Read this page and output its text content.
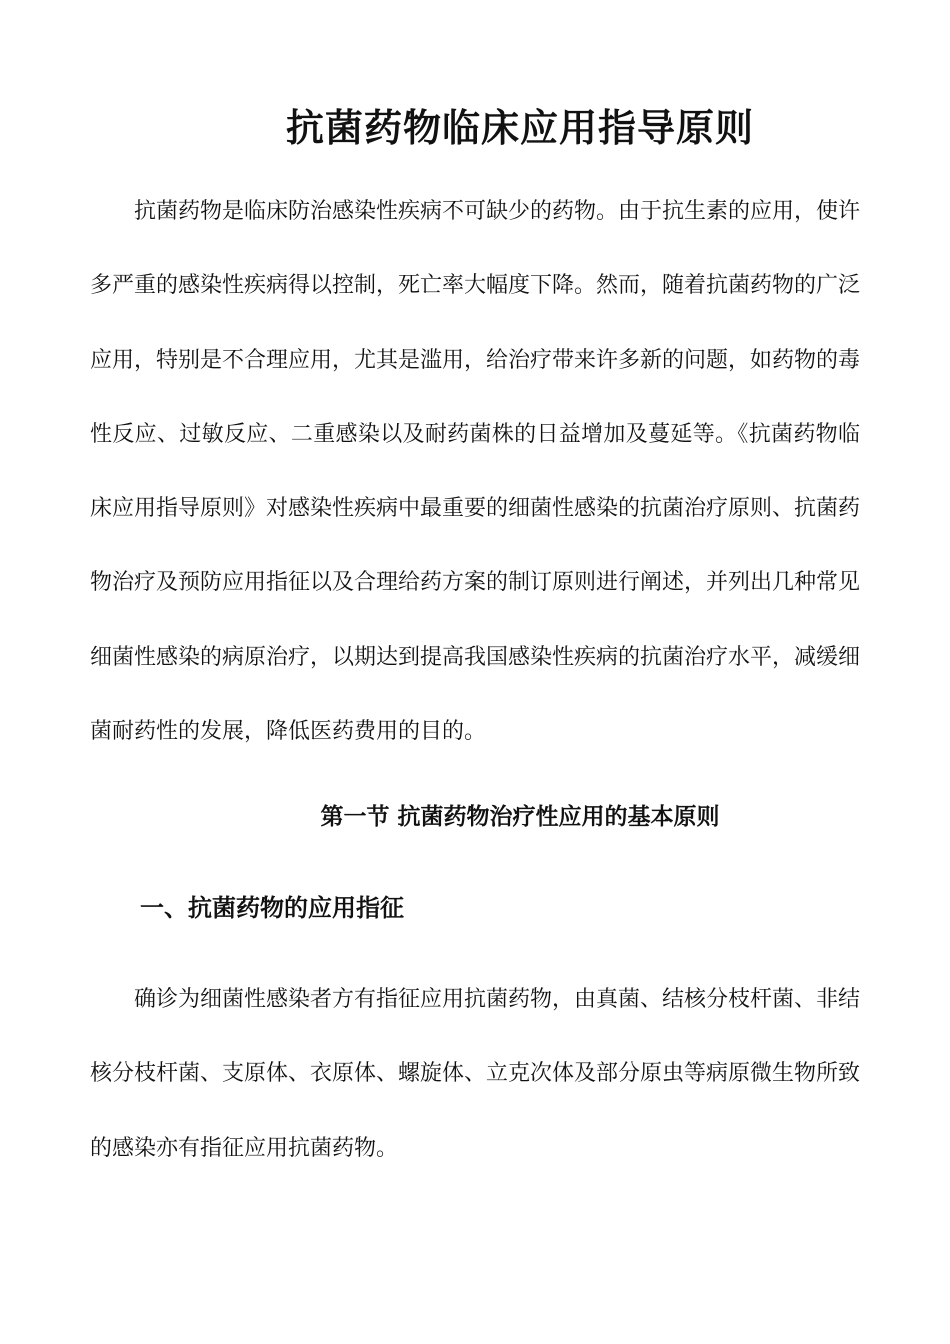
抗菌药物临床应用指导原则

抗菌药物是临床防治感染性疾病不可缺少的药物。由于抗生素的应用，使许多严重的感染性疾病得以控制，死亡率大幅度下降。然而，随着抗菌药物的广泛应用，特别是不合理应用，尤其是滥用，给治疗带来许多新的问题，如药物的毒性反应、过敏反应、二重感染以及耐药菌株的日益增加及蔓延等。《抗菌药物临床应用指导原则》对感染性疾病中最重要的细菌性感染的抗菌治疗原则、抗菌药物治疗及预防应用指征以及合理给药方案的制订原则进行阐述，并列出几种常见细菌性感染的病原治疗，以期达到提高我国感染性疾病的抗菌治疗水平，减缓细菌耐药性的发展，降低医药费用的目的。

第一节 抗菌药物治疗性应用的基本原则
一、抗菌药物的应用指征

确诊为细菌性感染者方有指征应用抗菌药物，由真菌、结核分枝杆菌、非结核分枝杆菌、支原体、衣原体、螺旋体、立克次体及部分原虫等病原微生物所致的感染亦有指征应用抗菌药物。
